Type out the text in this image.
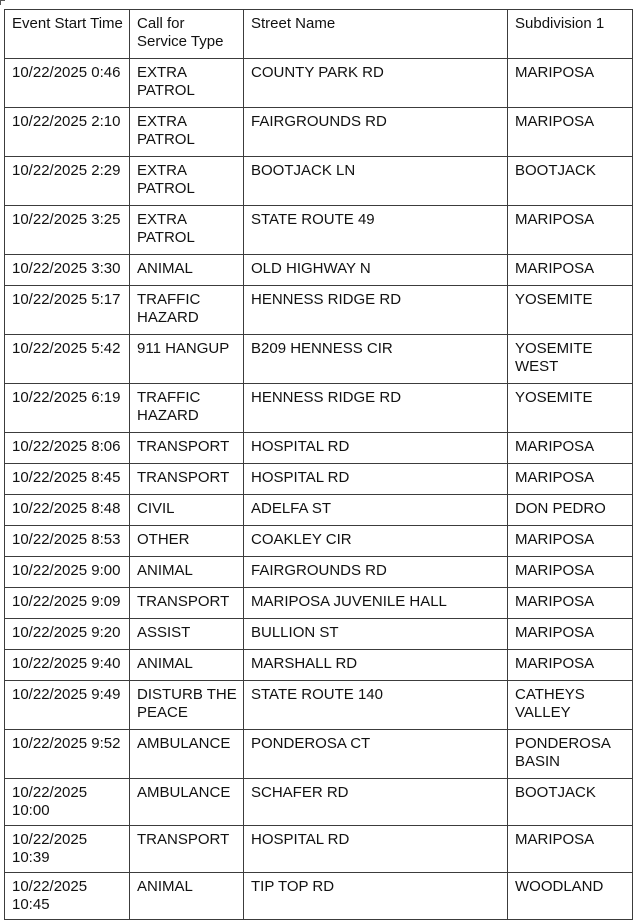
Event Start Time	Call for Service Type	Street Name	Subdivision 1
10/22/2025 0:46	EXTRA PATROL	COUNTY PARK RD	MARIPOSA
10/22/2025 2:10	EXTRA PATROL	FAIRGROUNDS RD	MARIPOSA
10/22/2025 2:29	EXTRA PATROL	BOOTJACK LN	BOOTJACK
10/22/2025 3:25	EXTRA PATROL	STATE ROUTE 49	MARIPOSA
10/22/2025 3:30	ANIMAL	OLD HIGHWAY N	MARIPOSA
10/22/2025 5:17	TRAFFIC HAZARD	HENNESS RIDGE RD	YOSEMITE
10/22/2025 5:42	911 HANGUP	B209 HENNESS CIR	YOSEMITE WEST
10/22/2025 6:19	TRAFFIC HAZARD	HENNESS RIDGE RD	YOSEMITE
10/22/2025 8:06	TRANSPORT	HOSPITAL RD	MARIPOSA
10/22/2025 8:45	TRANSPORT	HOSPITAL RD	MARIPOSA
10/22/2025 8:48	CIVIL	ADELFA ST	DON PEDRO
10/22/2025 8:53	OTHER	COAKLEY CIR	MARIPOSA
10/22/2025 9:00	ANIMAL	FAIRGROUNDS RD	MARIPOSA
10/22/2025 9:09	TRANSPORT	MARIPOSA JUVENILE HALL	MARIPOSA
10/22/2025 9:20	ASSIST	BULLION ST	MARIPOSA
10/22/2025 9:40	ANIMAL	MARSHALL RD	MARIPOSA
10/22/2025 9:49	DISTURB THE PEACE	STATE ROUTE 140	CATHEYS VALLEY
10/22/2025 9:52	AMBULANCE	PONDEROSA CT	PONDEROSA BASIN
10/22/2025 10:00	AMBULANCE	SCHAFER RD	BOOTJACK
10/22/2025 10:39	TRANSPORT	HOSPITAL RD	MARIPOSA
10/22/2025 10:45	ANIMAL	TIP TOP RD	WOODLAND
